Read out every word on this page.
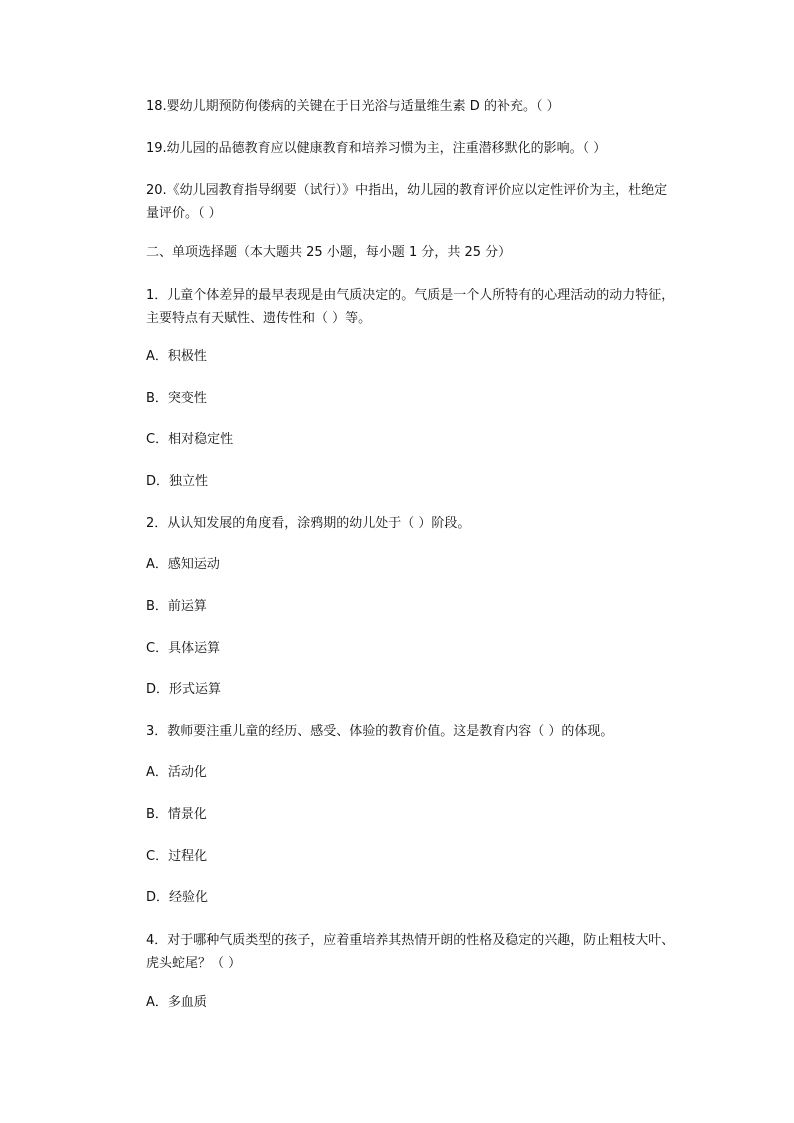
18.婴幼儿期预防佝偻病的关键在于日光浴与适量维生素 D 的补充。（ ）
19.幼儿园的品德教育应以健康教育和培养习惯为主，注重潜移默化的影响。（ ）
20.《幼儿园教育指导纲要（试行）》中指出，幼儿园的教育评价应以定性评价为主，杜绝定量评价。（ ）
二、单项选择题（本大题共 25 小题，每小题 1 分，共 25 分）
1．儿童个体差异的最早表现是由气质决定的。气质是一个人所特有的心理活动的动力特征，主要特点有天赋性、遗传性和（ ）等。
A．积极性
B．突变性
C．相对稳定性
D．独立性
2．从认知发展的角度看，涂鸦期的幼儿处于（ ）阶段。
A．感知运动
B．前运算
C．具体运算
D．形式运算
3．教师要注重儿童的经历、感受、体验的教育价值。这是教育内容（ ）的体现。
A．活动化
B．情景化
C．过程化
D．经验化
4．对于哪种气质类型的孩子，应着重培养其热情开朗的性格及稳定的兴趣，防止粗枝大叶、虎头蛇尾？（ ）
A．多血质
